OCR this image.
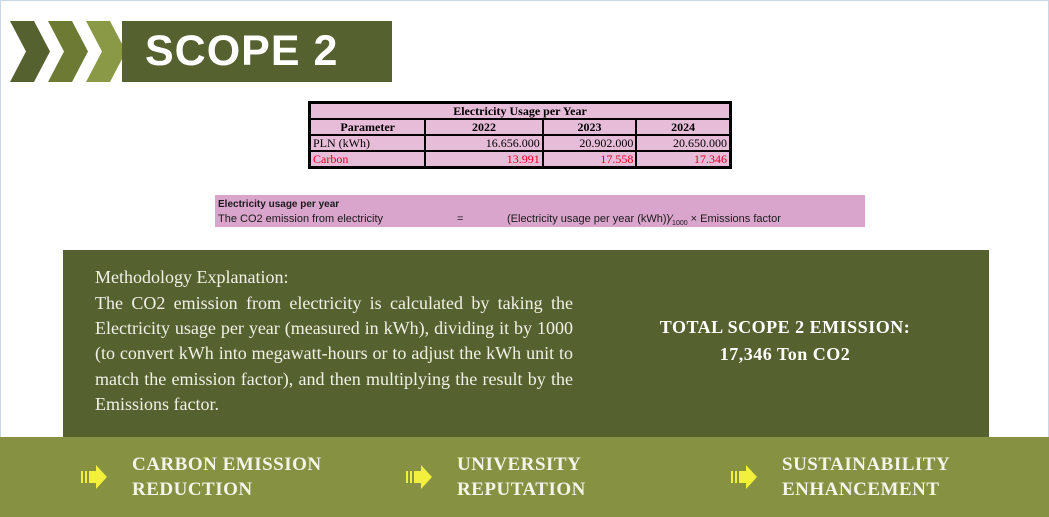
SCOPE 2
Electricity Usage per Year			
Parameter	2022	2023	2024
PLN (kWh)	16.656.000	20.902.000	20.650.000
Carbon	13.991	17.558	17.346
Electricity usage per year
The CO2 emission from electricity	=	(Electricity usage per year $(kWh))⁄_{1000}$ × Emissions factor
Methodology Explanation:
The CO2 emission from electricity is calculated by taking the Electricity usage per year (measured in kWh), dividing it by 1000 (to convert kWh into megawatt-hours or to adjust the kWh unit to match the emission factor), and then multiplying the result by the Emissions factor.
TOTAL SCOPE 2 EMISSION:
17,346 Ton CO2
CARBON EMISSION
REDUCTION
UNIVERSITY
REPUTATION
SUSTAINABILITY
ENHANCEMENT
